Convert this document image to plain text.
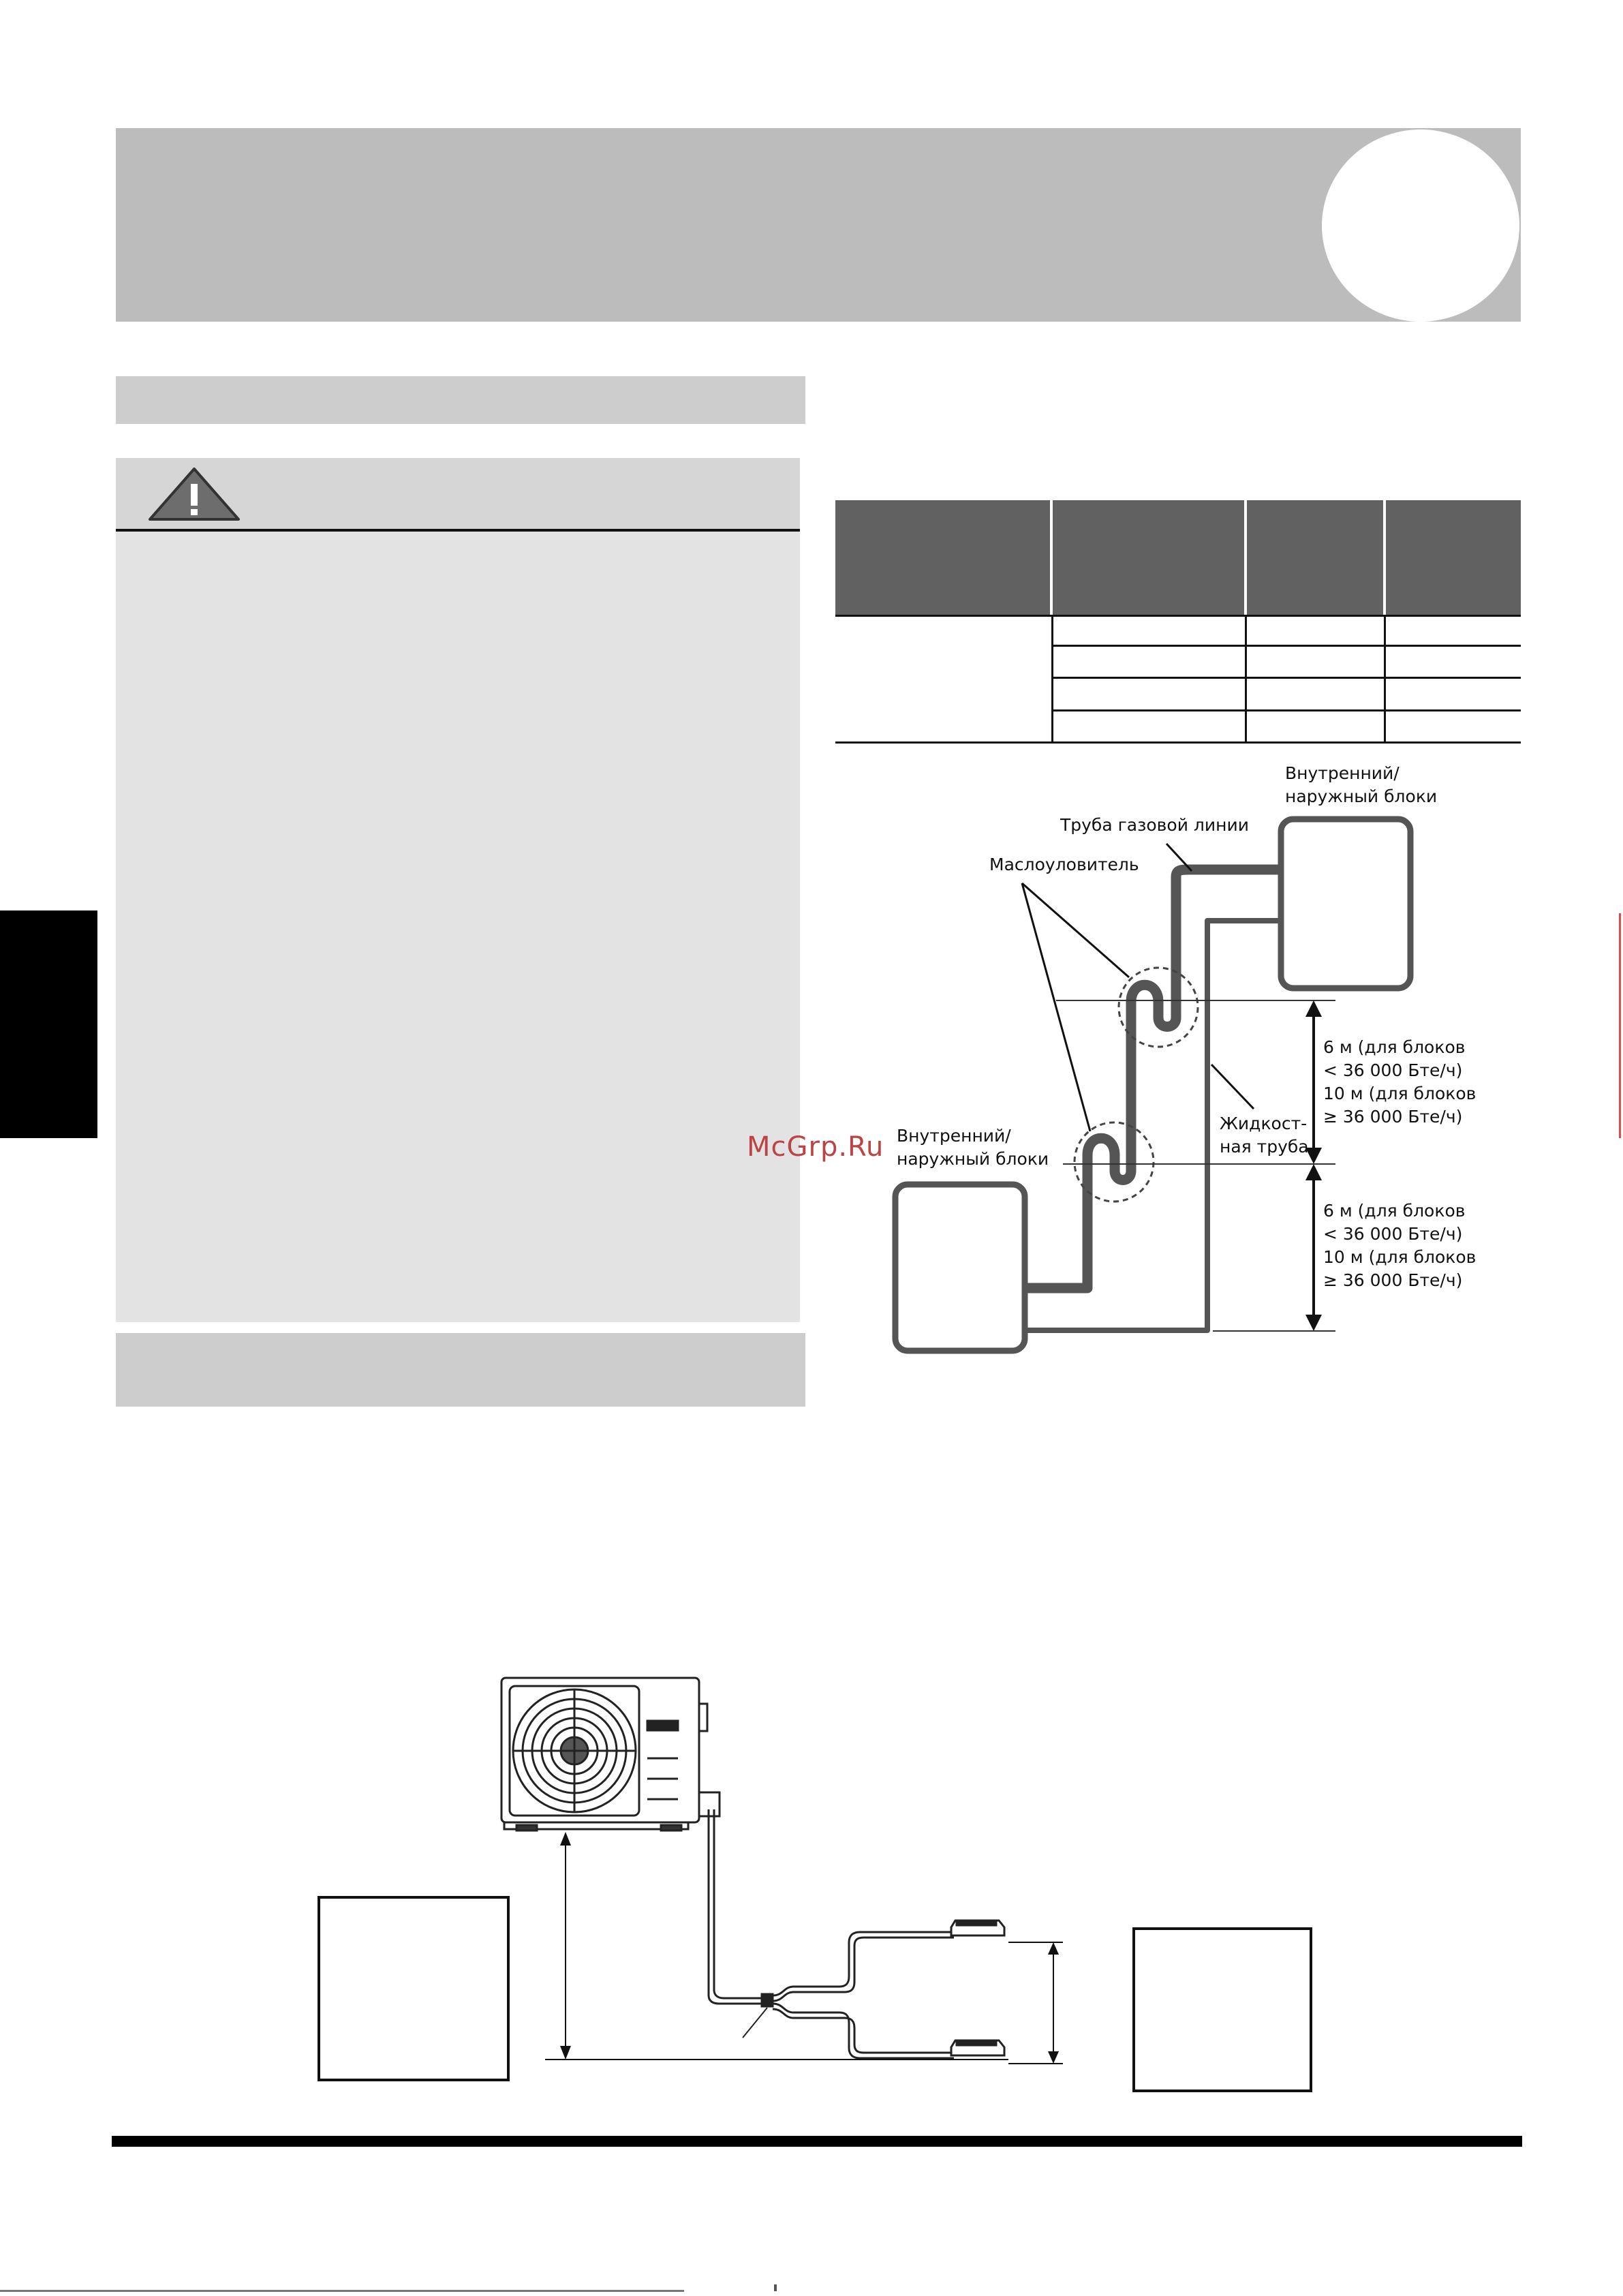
Внутренний/
наружный блоки
Труба газовой линии
Маслоуловитель
Внутренний/
наружный блоки
Жидкост-
ная труба
6 м (для блоков
< 36 000 Бте/ч)
10 м (для блоков
≥ 36 000 Бте/ч)
6 м (для блоков
< 36 000 Бте/ч)
10 м (для блоков
≥ 36 000 Бте/ч)
McGrp.Ru
